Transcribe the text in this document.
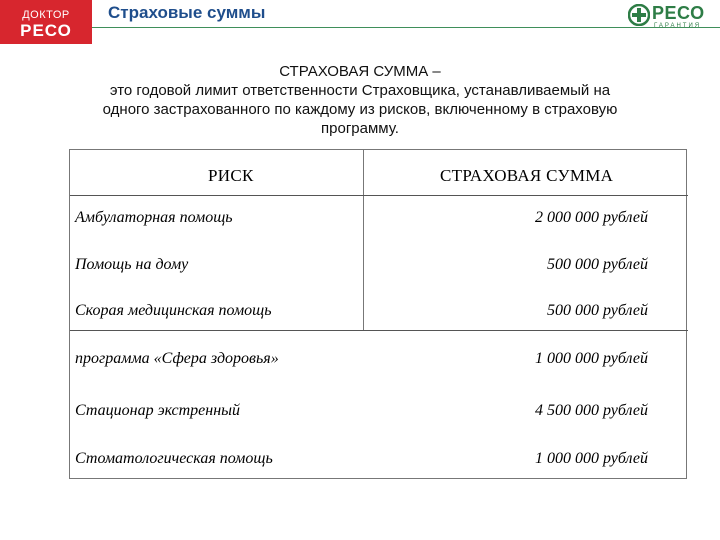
ДОКТОР
РЕСО
Страховые суммы	РЕСО
ГАРАНТИЯ
СТРАХОВАЯ СУММА –
это годовой лимит ответственности Страховщика, устанавливаемый на
одного застрахованного по каждому из рисков, включенному в страховую
программу.
РИСК	СТРАХОВАЯ СУММА
Амбулаторная помощь	2 000 000 рублей
Помощь на дому	500 000 рублей
Скорая медицинская помощь	500 000 рублей
программа «Сфера здоровья»	1 000 000 рублей
Стационар экстренный	4 500 000 рублей
Стоматологическая помощь	1 000 000 рублей
